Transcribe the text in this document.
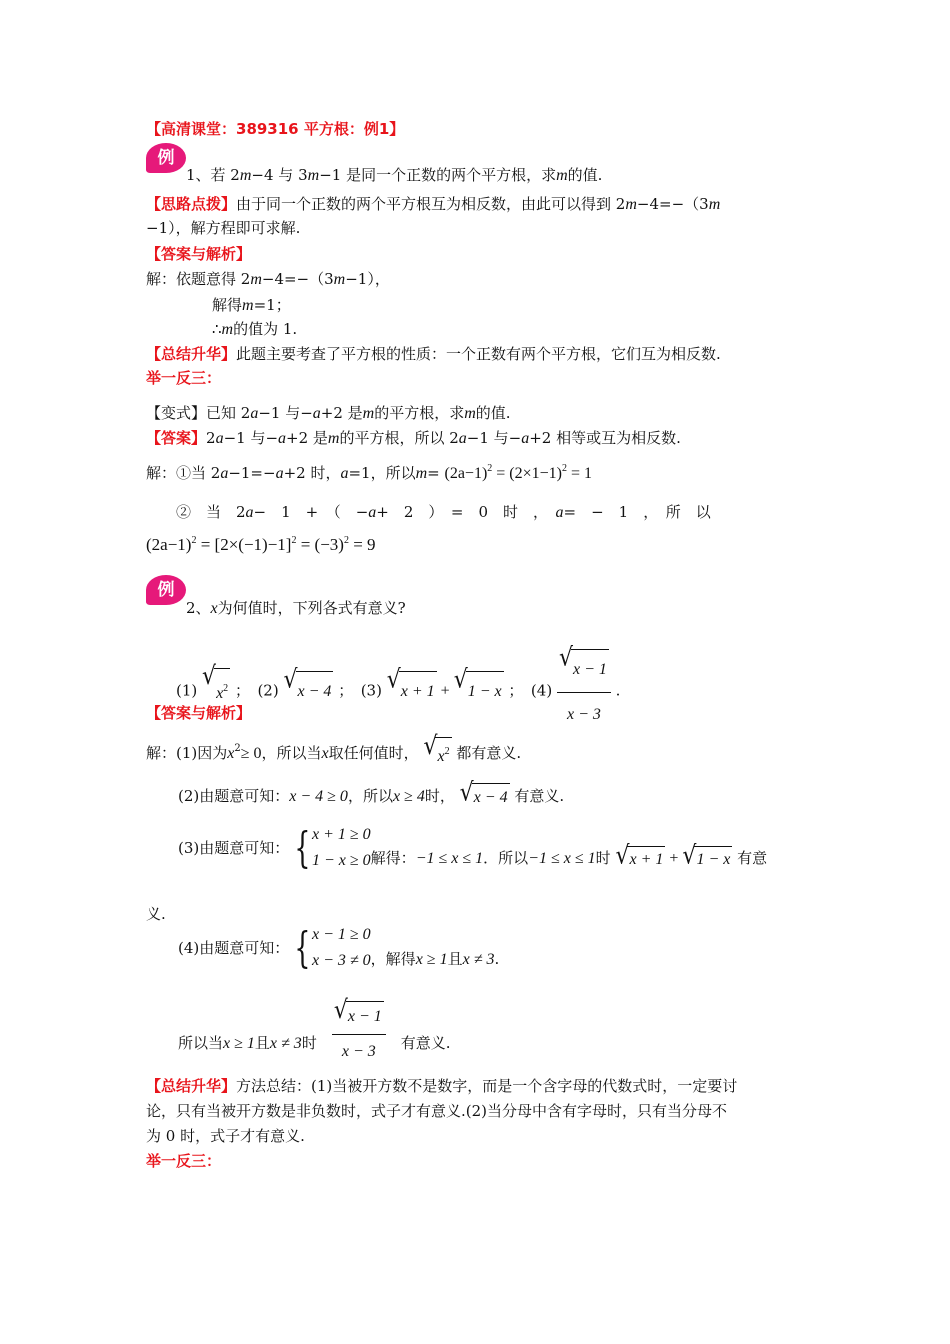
【高清课堂：389316 平方根：例1】
例
1、若 2m−4 与 3m−1 是同一个正数的两个平方根，求m的值.
【思路点拨】由于同一个正数的两个平方根互为相反数，由此可以得到 2m−4=−（3m
−1），解方程即可求解.
【答案与解析】
解：依题意得 2m−4=−（3m−1），
解得m=1；
∴m的值为 1.
【总结升华】此题主要考查了平方根的性质：一个正数有两个平方根，它们互为相反数.
举一反三：
【变式】已知 2a−1 与−a+2 是m的平方根，求m的值.
【答案】2a−1 与−a+2 是m的平方根，所以 2a−1 与−a+2 相等或互为相反数.
解：①当 2a−1=−a+2 时，a=1，所以$m= (2a-1)^2 = (2\times 1-1)^2 = 1$
②　当　2a−　1　+　（　−a+　2　）　=　0　时　，　 a=　−　1　，　所　以
$(2a-1)^2 = [2\times(-1)-1]^2 = (-3)^2 = 9$
例
2、x为何值时，下列各式有意义?
(1) √
$x^2$ ；　(2) √ x − 4 ；　(3) √ x + 1 + √ 1 − x ；　$(4) \frac{√ x - 1}{x - 3}$ .
【答案与解析】
解：(1)因为$x^2\ge 0$，所以当x取任何值时， √ $x^2$ 都有意义.
(2)由题意可知：x − 4 ≥ 0，所以x ≥ 4时， √ x − 4 有意义.
(3)由题意可知： { x + 1 ≥ 0
1 − x ≥ 0 解得：−1 ≤ x ≤ 1．所以−1 ≤ x ≤ 1时 √ x + 1 + √ 1 − x 有意
义.
(4)由题意可知： { x − 1 ≥ 0
x − 3 ≠ 0 ，解得x ≥ 1且x ≠ 3.
所以当x ≥ 1且x ≠ 3时　 $\frac{√ x - 1}{x - 3}$
　	有意义.
【总结升华】方法总结：(1)当被开方数不是数字，而是一个含字母的代数式时，一定要讨
论，只有当被开方数是非负数时，式子才有意义.(2)当分母中含有字母时，只有当分母不
为 0 时，式子才有意义.
举一反三：
